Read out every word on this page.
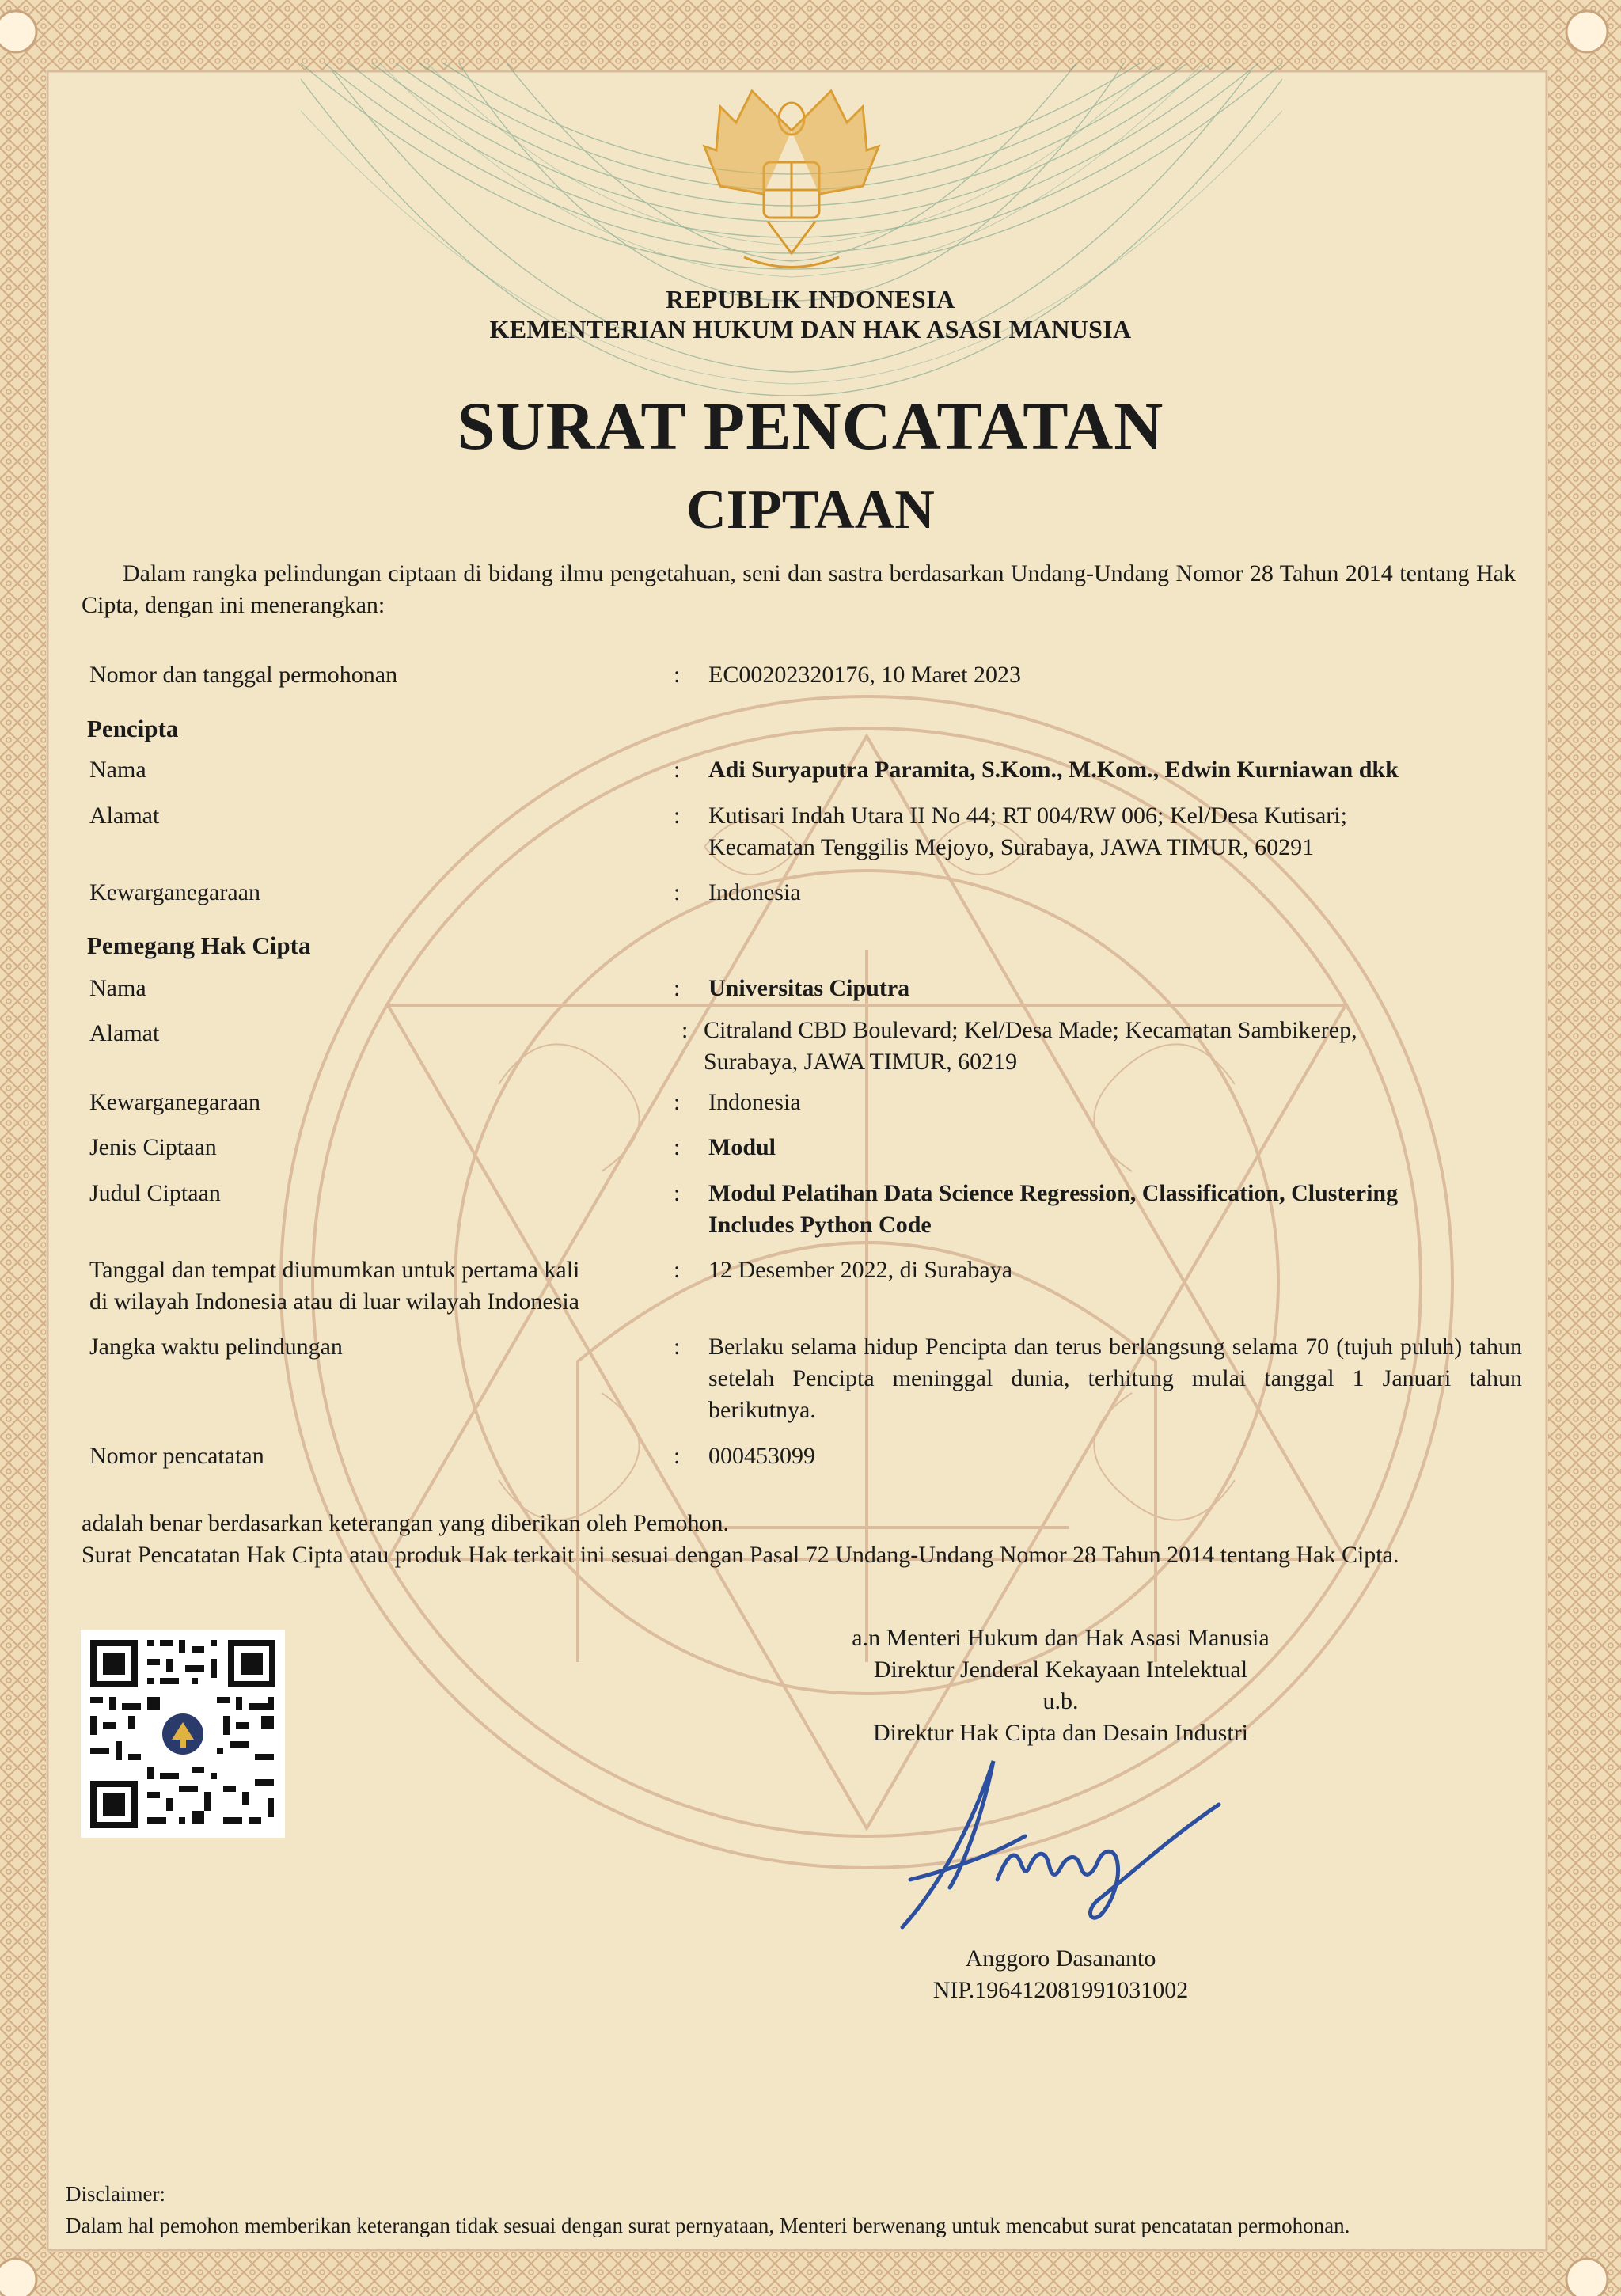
REPUBLIK INDONESIA
KEMENTERIAN HUKUM DAN HAK ASASI MANUSIA
SURAT PENCATATAN
CIPTAAN
Dalam rangka pelindungan ciptaan di bidang ilmu pengetahuan, seni dan sastra berdasarkan Undang-Undang Nomor 28 Tahun 2014 tentang Hak Cipta, dengan ini menerangkan:
Nomor dan tanggal permohonan	:	EC00202320176, 10 Maret 2023
Pencipta
Nama	:	Adi Suryaputra Paramita, S.Kom., M.Kom., Edwin Kurniawan dkk
Alamat	:	Kutisari Indah Utara II No 44; RT 004/RW 006; Kel/Desa Kutisari;
Kecamatan Tenggilis Mejoyo, Surabaya, JAWA TIMUR, 60291
Kewarganegaraan	:	Indonesia
Pemegang Hak Cipta
Nama	:	Universitas Ciputra
Alamat	: Citraland CBD Boulevard; Kel/Desa Made; Kecamatan Sambikerep,
Surabaya, JAWA TIMUR, 60219
Kewarganegaraan	:	Indonesia
Jenis Ciptaan	:	Modul
Judul Ciptaan	:	Modul Pelatihan Data Science Regression, Classification, Clustering
Includes Python Code
Tanggal dan tempat diumumkan untuk pertama kali
di wilayah Indonesia atau di luar wilayah Indonesia
:	12 Desember 2022, di Surabaya
Jangka waktu pelindungan	:	Berlaku selama hidup Pencipta dan terus berlangsung selama 70 (tujuh puluh) tahun setelah Pencipta meninggal dunia, terhitung mulai tanggal 1 Januari tahun berikutnya.
Nomor pencatatan	:	000453099
adalah benar berdasarkan keterangan yang diberikan oleh Pemohon.
Surat Pencatatan Hak Cipta atau produk Hak terkait ini sesuai dengan Pasal 72 Undang-Undang Nomor 28 Tahun 2014 tentang Hak Cipta.
a.n Menteri Hukum dan Hak Asasi Manusia
Direktur Jenderal Kekayaan Intelektual
u.b.
Direktur Hak Cipta dan Desain Industri
Anggoro Dasananto
NIP.196412081991031002
Disclaimer:
Dalam hal pemohon memberikan keterangan tidak sesuai dengan surat pernyataan, Menteri berwenang untuk mencabut surat pencatatan permohonan.
